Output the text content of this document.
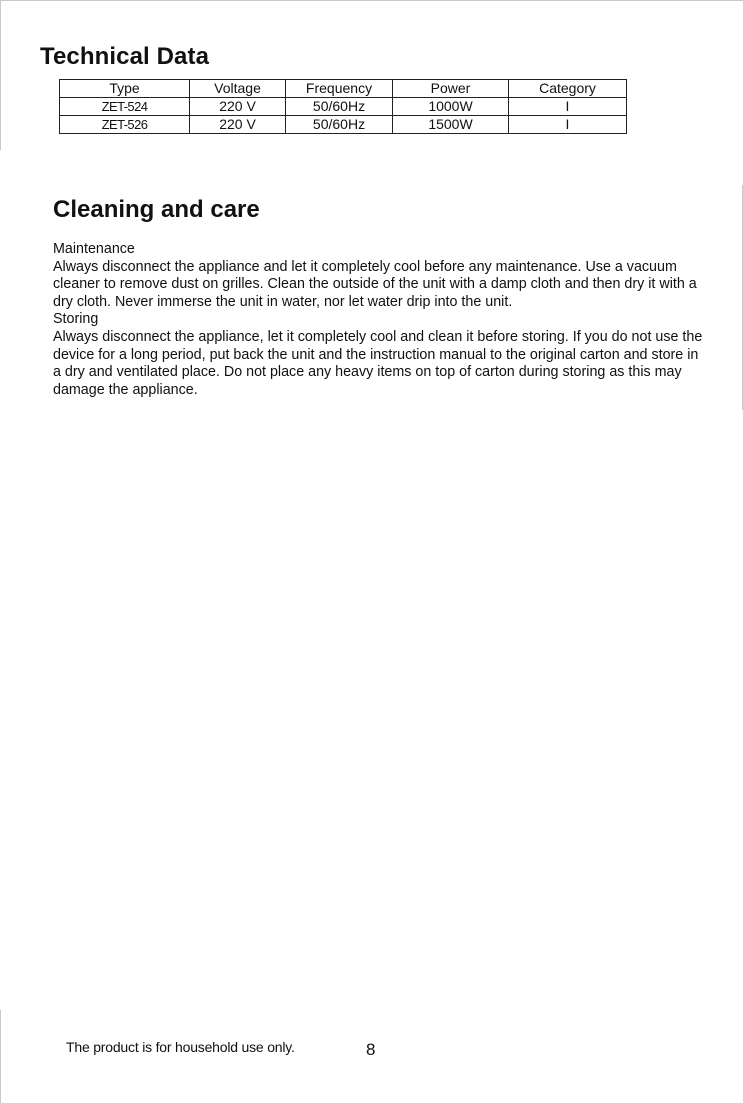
Technical Data
Type	Voltage	Frequency	Power	Category
ZET-524	220 V	50/60Hz	1000W	I
ZET-526	220 V	50/60Hz	1500W	I
Cleaning and care

Maintenance

Always disconnect the appliance and let it completely cool before any maintenance. Use a vacuum cleaner to remove dust on grilles. Clean the outside of the unit with a damp cloth and then dry it with a dry cloth. Never immerse the unit in water, nor let water drip into the unit.

Storing

Always disconnect the appliance, let it completely cool and clean it before storing. If you do not use the device for a long period, put back the unit and the instruction manual to the original carton and store in a dry and ventilated place. Do not place any heavy items on top of carton during storing as this may damage the appliance.

The product is for household use only.	8
